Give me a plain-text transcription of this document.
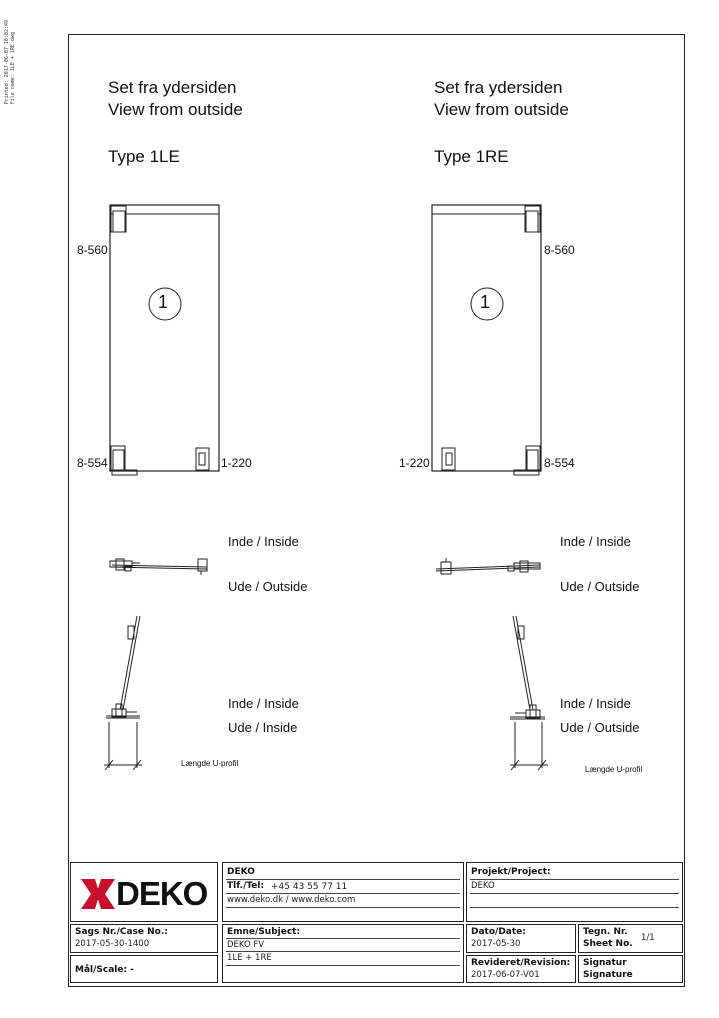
Printed: 2017-06-07 10:02:49
File name: 1LE + 1RE.dwg	Set fra ydersiden
View from outside
Type 1LE
Set fra ydersiden
View from outside
Type 1RE
1	1
8-560
8-554	1-220
8-560
1-220	8-554
Inde / Inside
Ude / Outside
Inde / Inside
Ude / Outside
Inde / Inside
Ude / Inside
Inde / Inside
Ude / Outside
Længde U-profil
Længde U-profil
DEKO
DEKO
Tlf./Tel: +45 43 55 77 11
www.deko.dk / www.deko.com
Projekt/Project:
DEKO
Sags Nr./Case No.:
2017-05-30-1400
Emne/Subject:
DEKO FV
1LE + 1RE
Dato/Date:
2017-05-30
Tegn. Nr.
Sheet No.
1/1
Mål/Scale: -
Revideret/Revision:
2017-06-07-V01
Signatur
Signature
